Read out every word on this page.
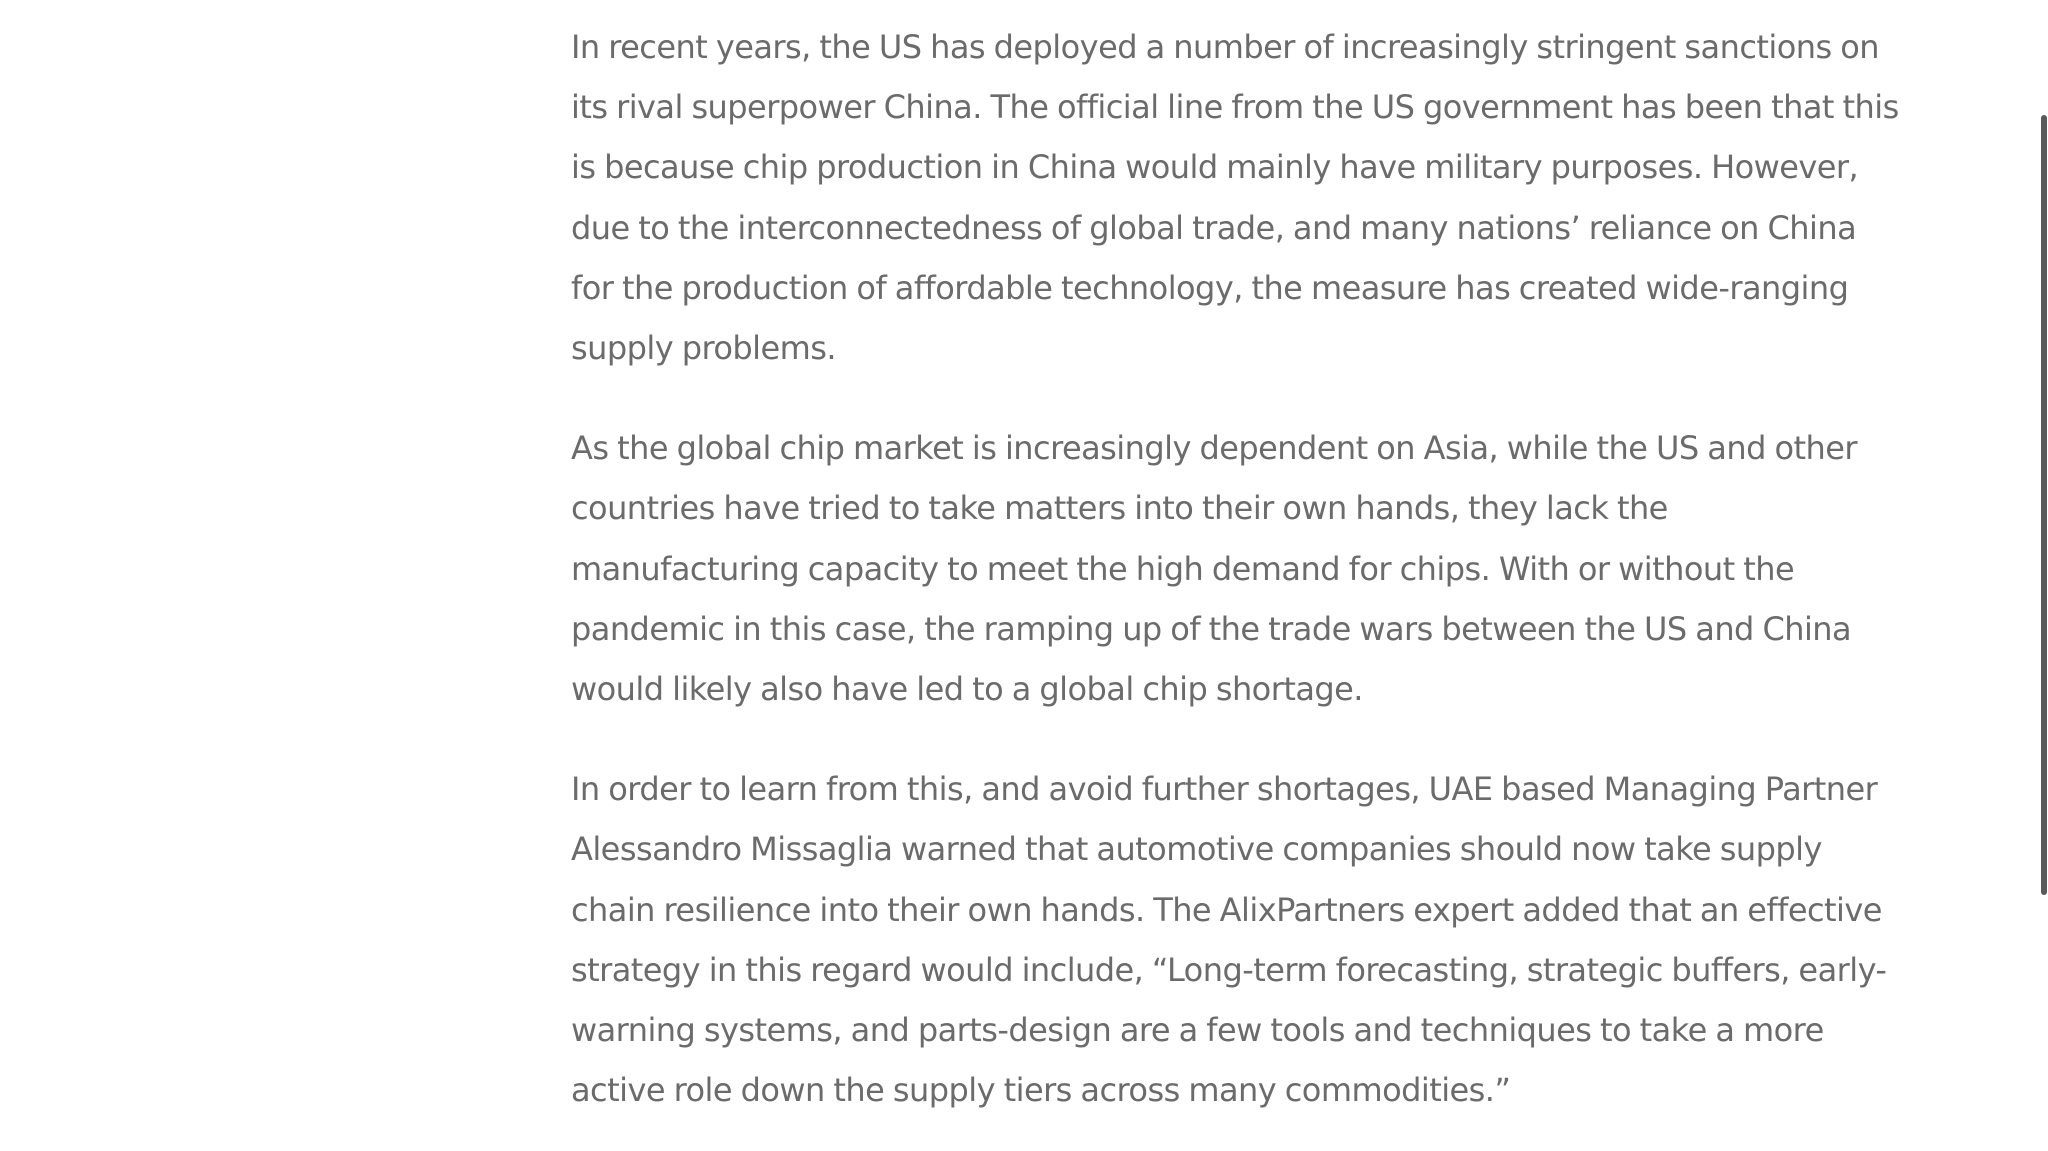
In recent years, the US has deployed a number of increasingly stringent sanctions on its rival superpower China. The official line from the US government has been that this is because chip production in China would mainly have military purposes. However, due to the interconnectedness of global trade, and many nations’ reliance on China for the production of affordable technology, the measure has created wide-ranging supply problems.

As the global chip market is increasingly dependent on Asia, while the US and other countries have tried to take matters into their own hands, they lack the manufacturing capacity to meet the high demand for chips. With or without the pandemic in this case, the ramping up of the trade wars between the US and China would likely also have led to a global chip shortage.

In order to learn from this, and avoid further shortages, UAE based Managing Partner Alessandro Missaglia warned that automotive companies should now take supply chain resilience into their own hands. The AlixPartners expert added that an effective strategy in this regard would include, “Long-term forecasting, strategic buffers, early-warning systems, and parts-design are a few tools and techniques to take a more active role down the supply tiers across many commodities.”
